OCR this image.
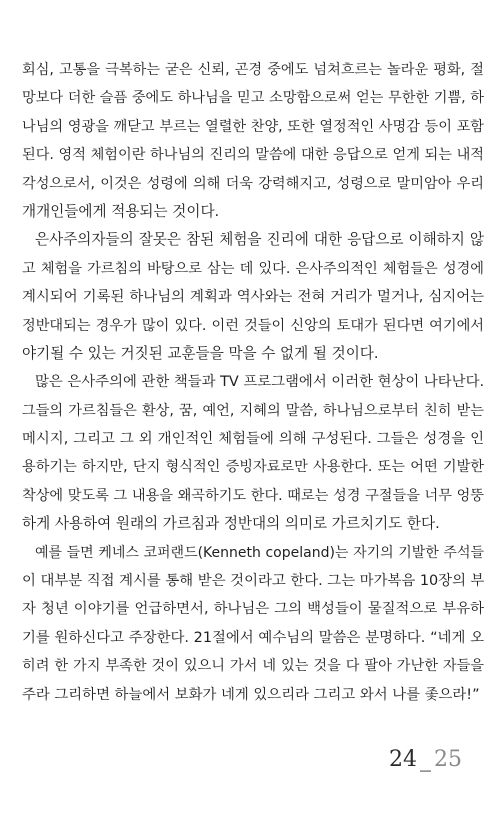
회심, 고통을 극복하는 굳은 신뢰, 곤경 중에도 넘쳐흐르는 놀라운 평화, 절
망보다 더한 슬픔 중에도 하나님을 믿고 소망함으로써 얻는 무한한 기쁨, 하
나님의 영광을 깨닫고 부르는 열렬한 찬양, 또한 열정적인 사명감 등이 포함
된다. 영적 체험이란 하나님의 진리의 말씀에 대한 응답으로 얻게 되는 내적
각성으로서, 이것은 성령에 의해 더욱 강력해지고, 성령으로 말미암아 우리
개개인들에게 적용되는 것이다.
은사주의자들의 잘못은 참된 체험을 진리에 대한 응답으로 이해하지 않
고 체험을 가르침의 바탕으로 삼는 데 있다. 은사주의적인 체험들은 성경에
계시되어 기록된 하나님의 계획과 역사와는 전혀 거리가 멀거나, 심지어는
정반대되는 경우가 많이 있다. 이런 것들이 신앙의 토대가 된다면 여기에서
야기될 수 있는 거짓된 교훈들을 막을 수 없게 될 것이다.
많은 은사주의에 관한 책들과 TV 프로그램에서 이러한 현상이 나타난다.
그들의 가르침들은 환상, 꿈, 예언, 지혜의 말씀, 하나님으로부터 친히 받는
메시지, 그리고 그 외 개인적인 체험들에 의해 구성된다. 그들은 성경을 인
용하기는 하지만, 단지 형식적인 증빙자료로만 사용한다. 또는 어떤 기발한
착상에 맞도록 그 내용을 왜곡하기도 한다. 때로는 성경 구절들을 너무 엉뚱
하게 사용하여 원래의 가르침과 정반대의 의미로 가르치기도 한다.
예를 들면 케네스 코퍼랜드(Kenneth copeland)는 자기의 기발한 주석들
이 대부분 직접 계시를 통해 받은 것이라고 한다. 그는 마가복음 10장의 부
자 청년 이야기를 언급하면서, 하나님은 그의 백성들이 물질적으로 부유하
기를 원하신다고 주장한다. 21절에서 예수님의 말씀은 분명하다. “네게 오
히려 한 가지 부족한 것이 있으니 가서 네 있는 것을 다 팔아 가난한 자들을
주라 그리하면 하늘에서 보화가 네게 있으리라 그리고 와서 나를 좇으라!”
24 _ 25
